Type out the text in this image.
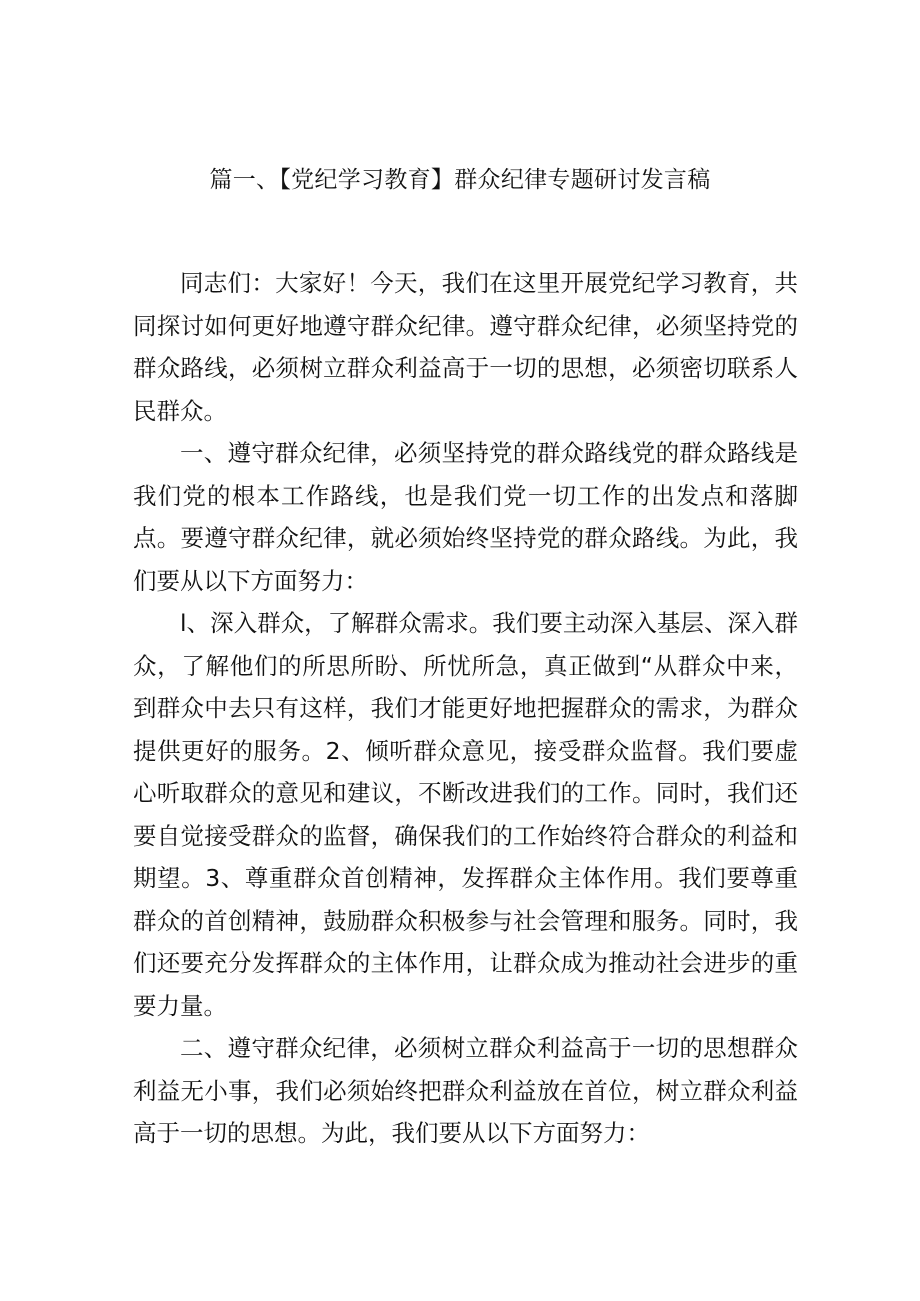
篇一、【党纪学习教育】群众纪律专题研讨发言稿

同志们：大家好！今天，我们在这里开展党纪学习教育，共同探讨如何更好地遵守群众纪律。遵守群众纪律，必须坚持党的群众路线，必须树立群众利益高于一切的思想，必须密切联系人民群众。

一、遵守群众纪律，必须坚持党的群众路线党的群众路线是我们党的根本工作路线，也是我们党一切工作的出发点和落脚点。要遵守群众纪律，就必须始终坚持党的群众路线。为此，我们要从以下方面努力：

l、深入群众，了解群众需求。我们要主动深入基层、深入群众，了解他们的所思所盼、所忧所急，真正做到“从群众中来，到群众中去只有这样，我们才能更好地把握群众的需求，为群众提供更好的服务。2、倾听群众意见，接受群众监督。我们要虚心听取群众的意见和建议，不断改进我们的工作。同时，我们还要自觉接受群众的监督，确保我们的工作始终符合群众的利益和期望。3、尊重群众首创精神，发挥群众主体作用。我们要尊重群众的首创精神，鼓励群众积极参与社会管理和服务。同时，我们还要充分发挥群众的主体作用，让群众成为推动社会进步的重要力量。

二、遵守群众纪律，必须树立群众利益高于一切的思想群众利益无小事，我们必须始终把群众利益放在首位，树立群众利益高于一切的思想。为此，我们要从以下方面努力：
